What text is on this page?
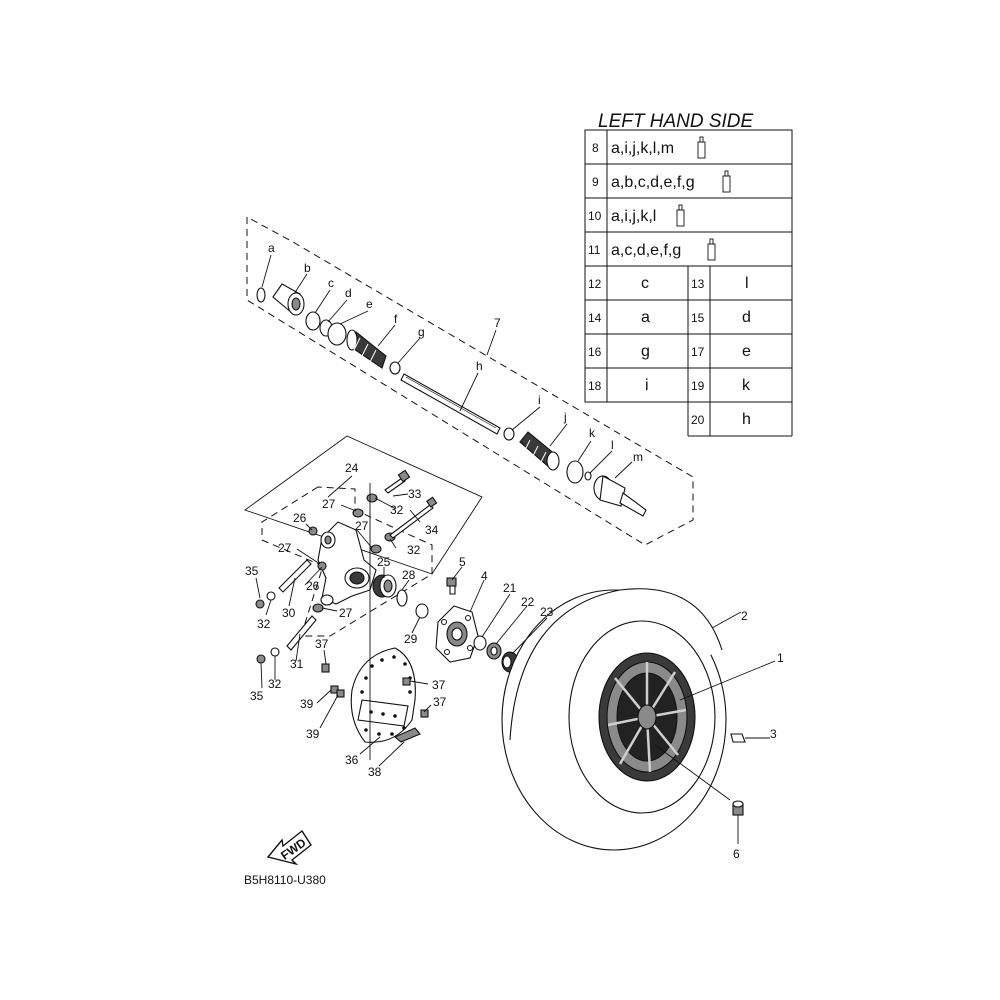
LEFT HAND SIDE
8 a,i,j,k,l,m
9 a,b,c,d,e,f,g
10 a,i,j,k,l
11 a,c,d,e,f,g
12 c	13	l
14 a	15 d
16 g	17 e
18	i	19 k
20 h
FWD
a
b
c
d
e
f
g
h
i
j
k
l
m
7
24
27
33
32
26
27	34
27	32
25
35	28
26
30	27
32
29
37
31
32
35
37
39	37
39
36
38
5
4
21
22
23	2
1
3
6
B5H8110-U380
